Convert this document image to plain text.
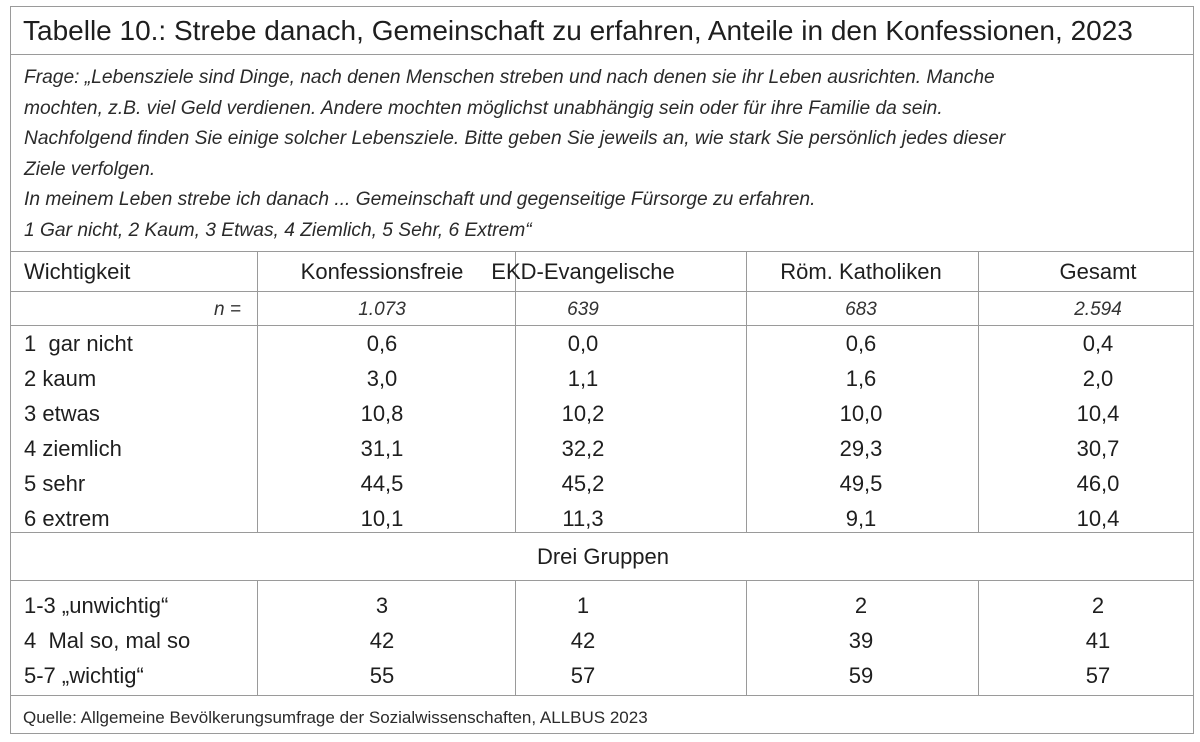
Tabelle 10.: Strebe danach, Gemeinschaft zu erfahren, Anteile in den Konfessionen, 2023
Frage: „Lebensziele sind Dinge, nach denen Menschen streben und nach denen sie ihr Leben ausrichten. Manche
mochten, z.B. viel Geld verdienen. Andere mochten möglichst unabhängig sein oder für ihre Familie da sein.
Nachfolgend finden Sie einige solcher Lebensziele. Bitte geben Sie jeweils an, wie stark Sie persönlich jedes dieser
Ziele verfolgen.
In meinem Leben strebe ich danach ... Gemeinschaft und gegenseitige Fürsorge zu erfahren.
1 Gar nicht, 2 Kaum, 3 Etwas, 4 Ziemlich, 5 Sehr, 6 Extrem“
Wichtigkeit	Konfessionsfreie	EKD-Evangelische	Röm. Katholiken	Gesamt
n =	1.073	639	683	2.594
1  gar nicht	0,6	0,0	0,6	0,4
2 kaum	3,0	1,1	1,6	2,0
3 etwas	10,8	10,2	10,0	10,4
4 ziemlich	31,1	32,2	29,3	30,7
5 sehr	44,5	45,2	49,5	46,0
6 extrem	10,1	11,3	9,1	10,4
Drei Gruppen
1-3 „unwichtig“	3	1	2	2
4  Mal so, mal so	42	42	39	41
5-7 „wichtig“	55	57	59	57
Quelle: Allgemeine Bevölkerungsumfrage der Sozialwissenschaften, ALLBUS 2023
